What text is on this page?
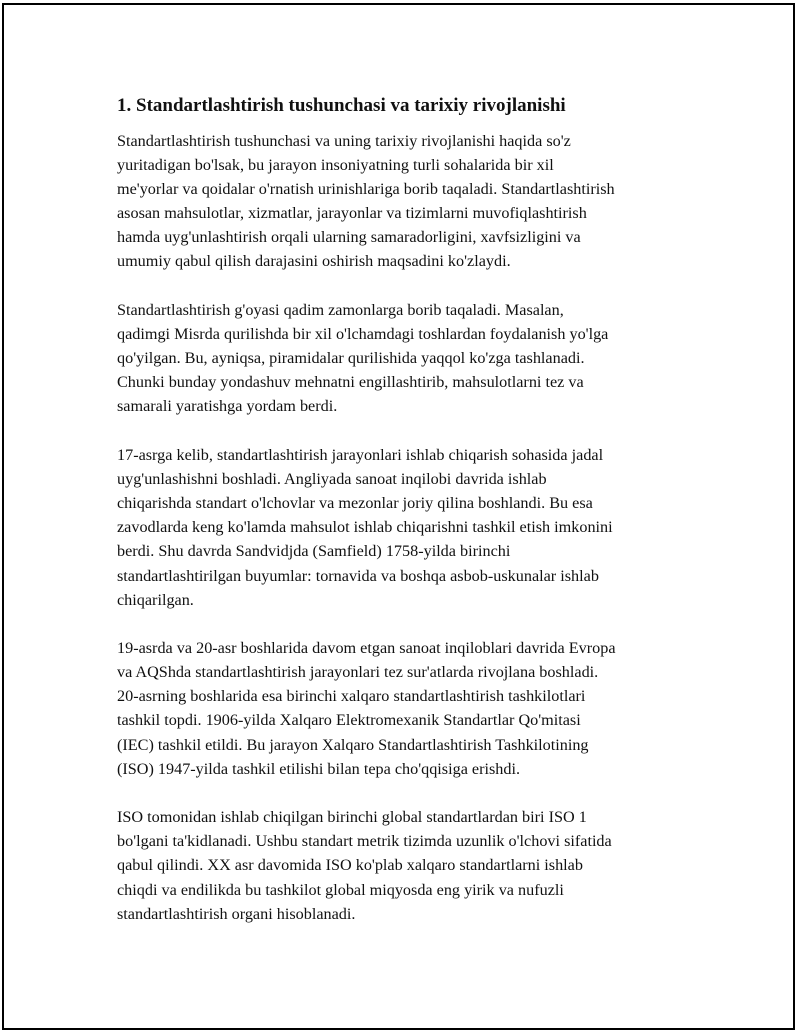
1. Standartlashtirish tushunchasi va tarixiy rivojlanishi

Standartlashtirish tushunchasi va uning tarixiy rivojlanishi haqida so'z
yuritadigan bo'lsak, bu jarayon insoniyatning turli sohalarida bir xil
me'yorlar va qoidalar o'rnatish urinishlariga borib taqaladi. Standartlashtirish
asosan mahsulotlar, xizmatlar, jarayonlar va tizimlarni muvofiqlashtirish
hamda uyg'unlashtirish orqali ularning samaradorligini, xavfsizligini va
umumiy qabul qilish darajasini oshirish maqsadini ko'zlaydi.

Standartlashtirish g'oyasi qadim zamonlarga borib taqaladi. Masalan,
qadimgi Misrda qurilishda bir xil o'lchamdagi toshlardan foydalanish yo'lga
qo'yilgan. Bu, ayniqsa, piramidalar qurilishida yaqqol ko'zga tashlanadi.
Chunki bunday yondashuv mehnatni engillashtirib, mahsulotlarni tez va
samarali yaratishga yordam berdi.

17-asrga kelib, standartlashtirish jarayonlari ishlab chiqarish sohasida jadal
uyg'unlashishni boshladi. Angliyada sanoat inqilobi davrida ishlab
chiqarishda standart o'lchovlar va mezonlar joriy qilina boshlandi. Bu esa
zavodlarda keng ko'lamda mahsulot ishlab chiqarishni tashkil etish imkonini
berdi. Shu davrda Sandvidjda (Samfield) 1758-yilda birinchi
standartlashtirilgan buyumlar: tornavida va boshqa asbob-uskunalar ishlab
chiqarilgan.

19-asrda va 20-asr boshlarida davom etgan sanoat inqiloblari davrida Evropa
va AQShda standartlashtirish jarayonlari tez sur'atlarda rivojlana boshladi.
20-asrning boshlarida esa birinchi xalqaro standartlashtirish tashkilotlari
tashkil topdi. 1906-yilda Xalqaro Elektromexanik Standartlar Qo'mitasi
(IEC) tashkil etildi. Bu jarayon Xalqaro Standartlashtirish Tashkilotining
(ISO) 1947-yilda tashkil etilishi bilan tepa cho'qqisiga erishdi.

ISO tomonidan ishlab chiqilgan birinchi global standartlardan biri ISO 1
bo'lgani ta'kidlanadi. Ushbu standart metrik tizimda uzunlik o'lchovi sifatida
qabul qilindi. XX asr davomida ISO ko'plab xalqaro standartlarni ishlab
chiqdi va endilikda bu tashkilot global miqyosda eng yirik va nufuzli
standartlashtirish organi hisoblanadi.
